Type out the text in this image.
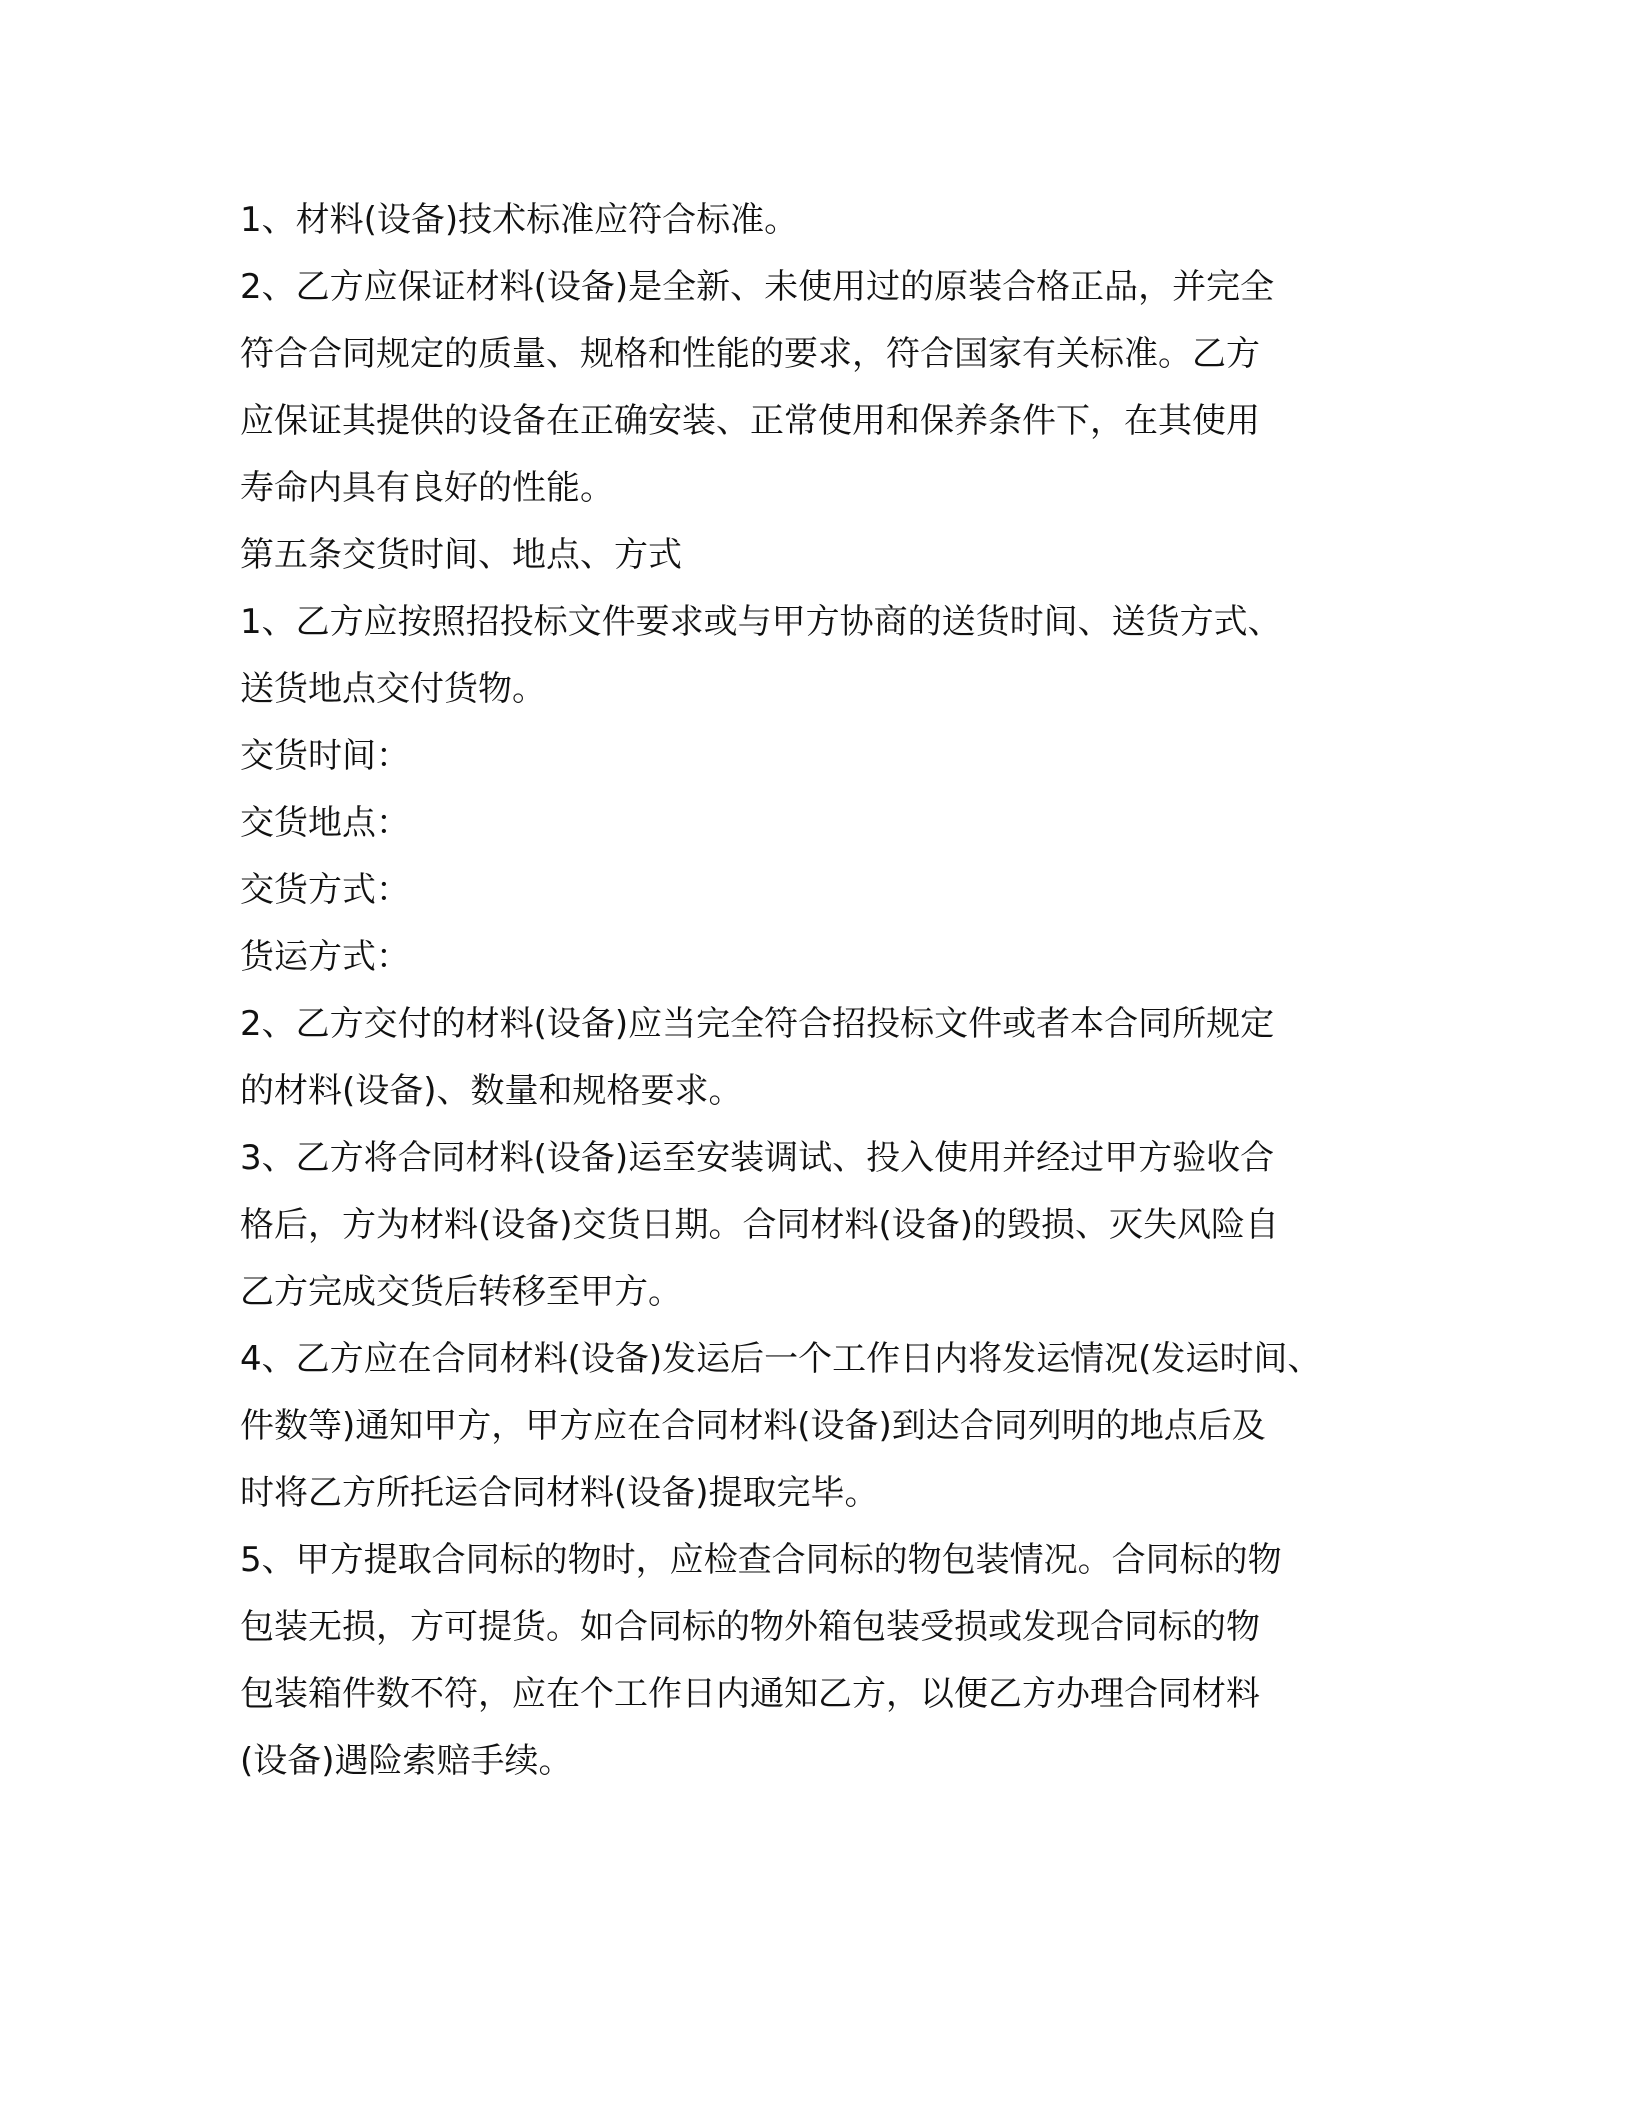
1、材料(设备)技术标准应符合标准。
2、乙方应保证材料(设备)是全新、未使用过的原装合格正品，并完全
符合合同规定的质量、规格和性能的要求，符合国家有关标准。乙方
应保证其提供的设备在正确安装、正常使用和保养条件下，在其使用
寿命内具有良好的性能。
第五条交货时间、地点、方式
1、乙方应按照招投标文件要求或与甲方协商的送货时间、送货方式、
送货地点交付货物。
交货时间：
交货地点：
交货方式：
货运方式：
2、乙方交付的材料(设备)应当完全符合招投标文件或者本合同所规定
的材料(设备)、数量和规格要求。
3、乙方将合同材料(设备)运至安装调试、投入使用并经过甲方验收合
格后，方为材料(设备)交货日期。合同材料(设备)的毁损、灭失风险自
乙方完成交货后转移至甲方。
4、乙方应在合同材料(设备)发运后一个工作日内将发运情况(发运时间、
件数等)通知甲方，甲方应在合同材料(设备)到达合同列明的地点后及
时将乙方所托运合同材料(设备)提取完毕。
5、甲方提取合同标的物时，应检查合同标的物包装情况。合同标的物
包装无损，方可提货。如合同标的物外箱包装受损或发现合同标的物
包装箱件数不符，应在个工作日内通知乙方，以便乙方办理合同材料
(设备)遇险索赔手续。
